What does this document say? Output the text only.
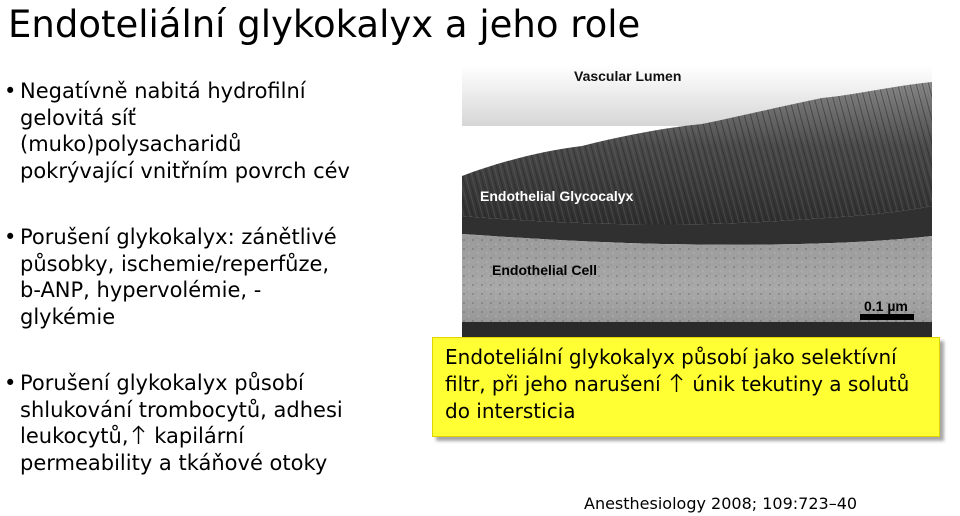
Endoteliální glykokalyx a jeho role
• Negatívně nabitá hydrofilní
gelovitá síť
(muko)polysacharidů
pokrývající vnitřním povrch cév
• Porušení glykokalyx: zánětlivé
působky, ischemie/reperfůze,
b-ANP, hypervolémie, -
glykémie
• Porušení glykokalyx působí
shlukování trombocytů, adhesi
leukocytů, kapilární
permeability a tkáňové otoky
Vascular Lumen
Endothelial Glycocalyx
Endothelial Cell
0.1 µm
Endoteliální glykokalyx působí jako selektívní
filtr, při jeho narušení  únik tekutiny a solutů
do intersticia
Anesthesiology 2008; 109:723–40
